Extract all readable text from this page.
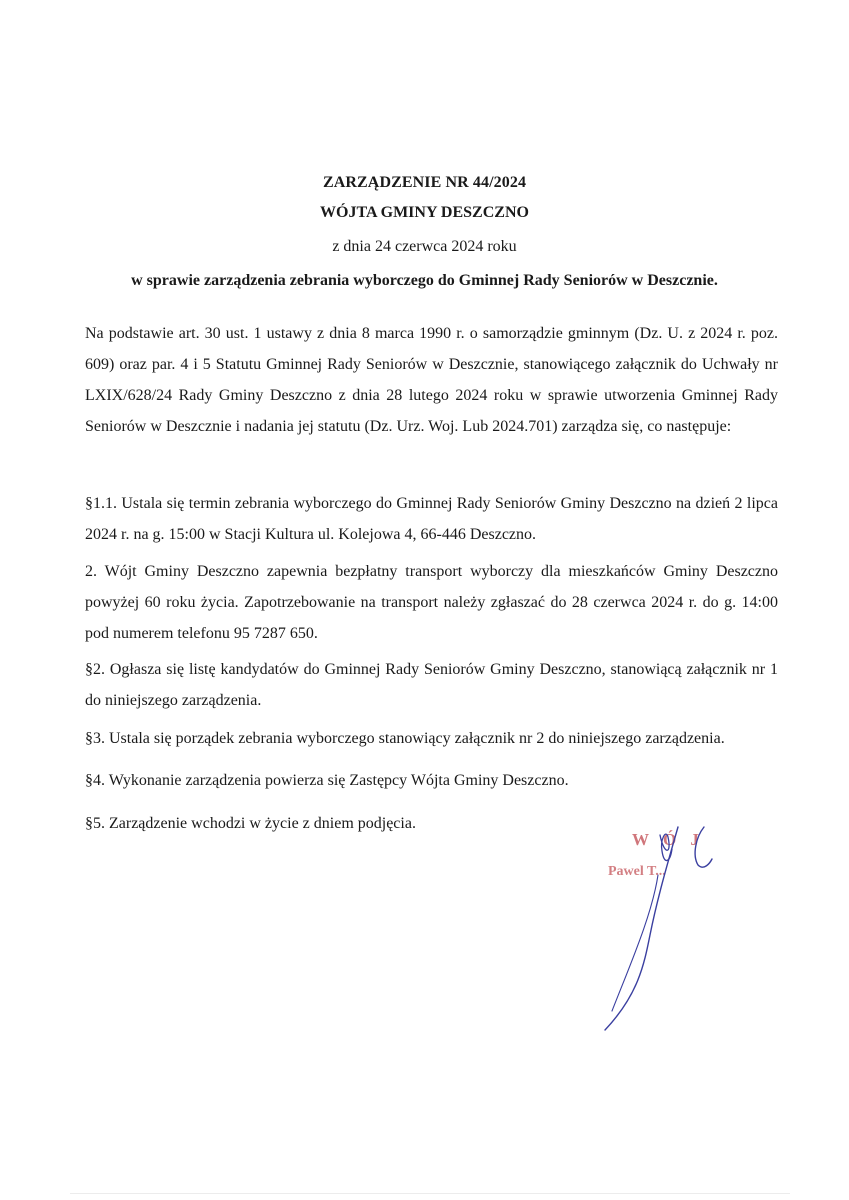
ZARZĄDZENIE NR 44/2024
WÓJTA GMINY DESZCZNO
z dnia 24 czerwca 2024 roku
w sprawie zarządzenia zebrania wyborczego do Gminnej Rady Seniorów w Deszcznie.

Na podstawie art. 30 ust. 1 ustawy z dnia 8 marca 1990 r. o samorządzie gminnym (Dz. U. z 2024 r. poz. 609) oraz par. 4 i 5 Statutu Gminnej Rady Seniorów w Deszcznie, stanowiącego załącznik do Uchwały nr LXIX/628/24 Rady Gminy Deszczno z dnia 28 lutego 2024 roku w sprawie utworzenia Gminnej Rady Seniorów w Deszcznie i nadania jej statutu (Dz. Urz. Woj. Lub 2024.701) zarządza się, co następuje:

§1.1. Ustala się termin zebrania wyborczego do Gminnej Rady Seniorów Gminy Deszczno na dzień 2 lipca 2024 r. na g. 15:00 w Stacji Kultura ul. Kolejowa 4, 66-446 Deszczno.

2. Wójt Gminy Deszczno zapewnia bezpłatny transport wyborczy dla mieszkańców Gminy Deszczno powyżej 60 roku życia. Zapotrzebowanie na transport należy zgłaszać do 28 czerwca 2024 r. do g. 14:00 pod numerem telefonu 95 7287 650.

§2. Ogłasza się listę kandydatów do Gminnej Rady Seniorów Gminy Deszczno, stanowiącą załącznik nr 1 do niniejszego zarządzenia.

§3. Ustala się porządek zebrania wyborczego stanowiący załącznik nr 2 do niniejszego zarządzenia.

§4. Wykonanie zarządzenia powierza się Zastępcy Wójta Gminy Deszczno.

§5. Zarządzenie wchodzi w życie z dniem podjęcia.

W Ó J
Pawel T...
